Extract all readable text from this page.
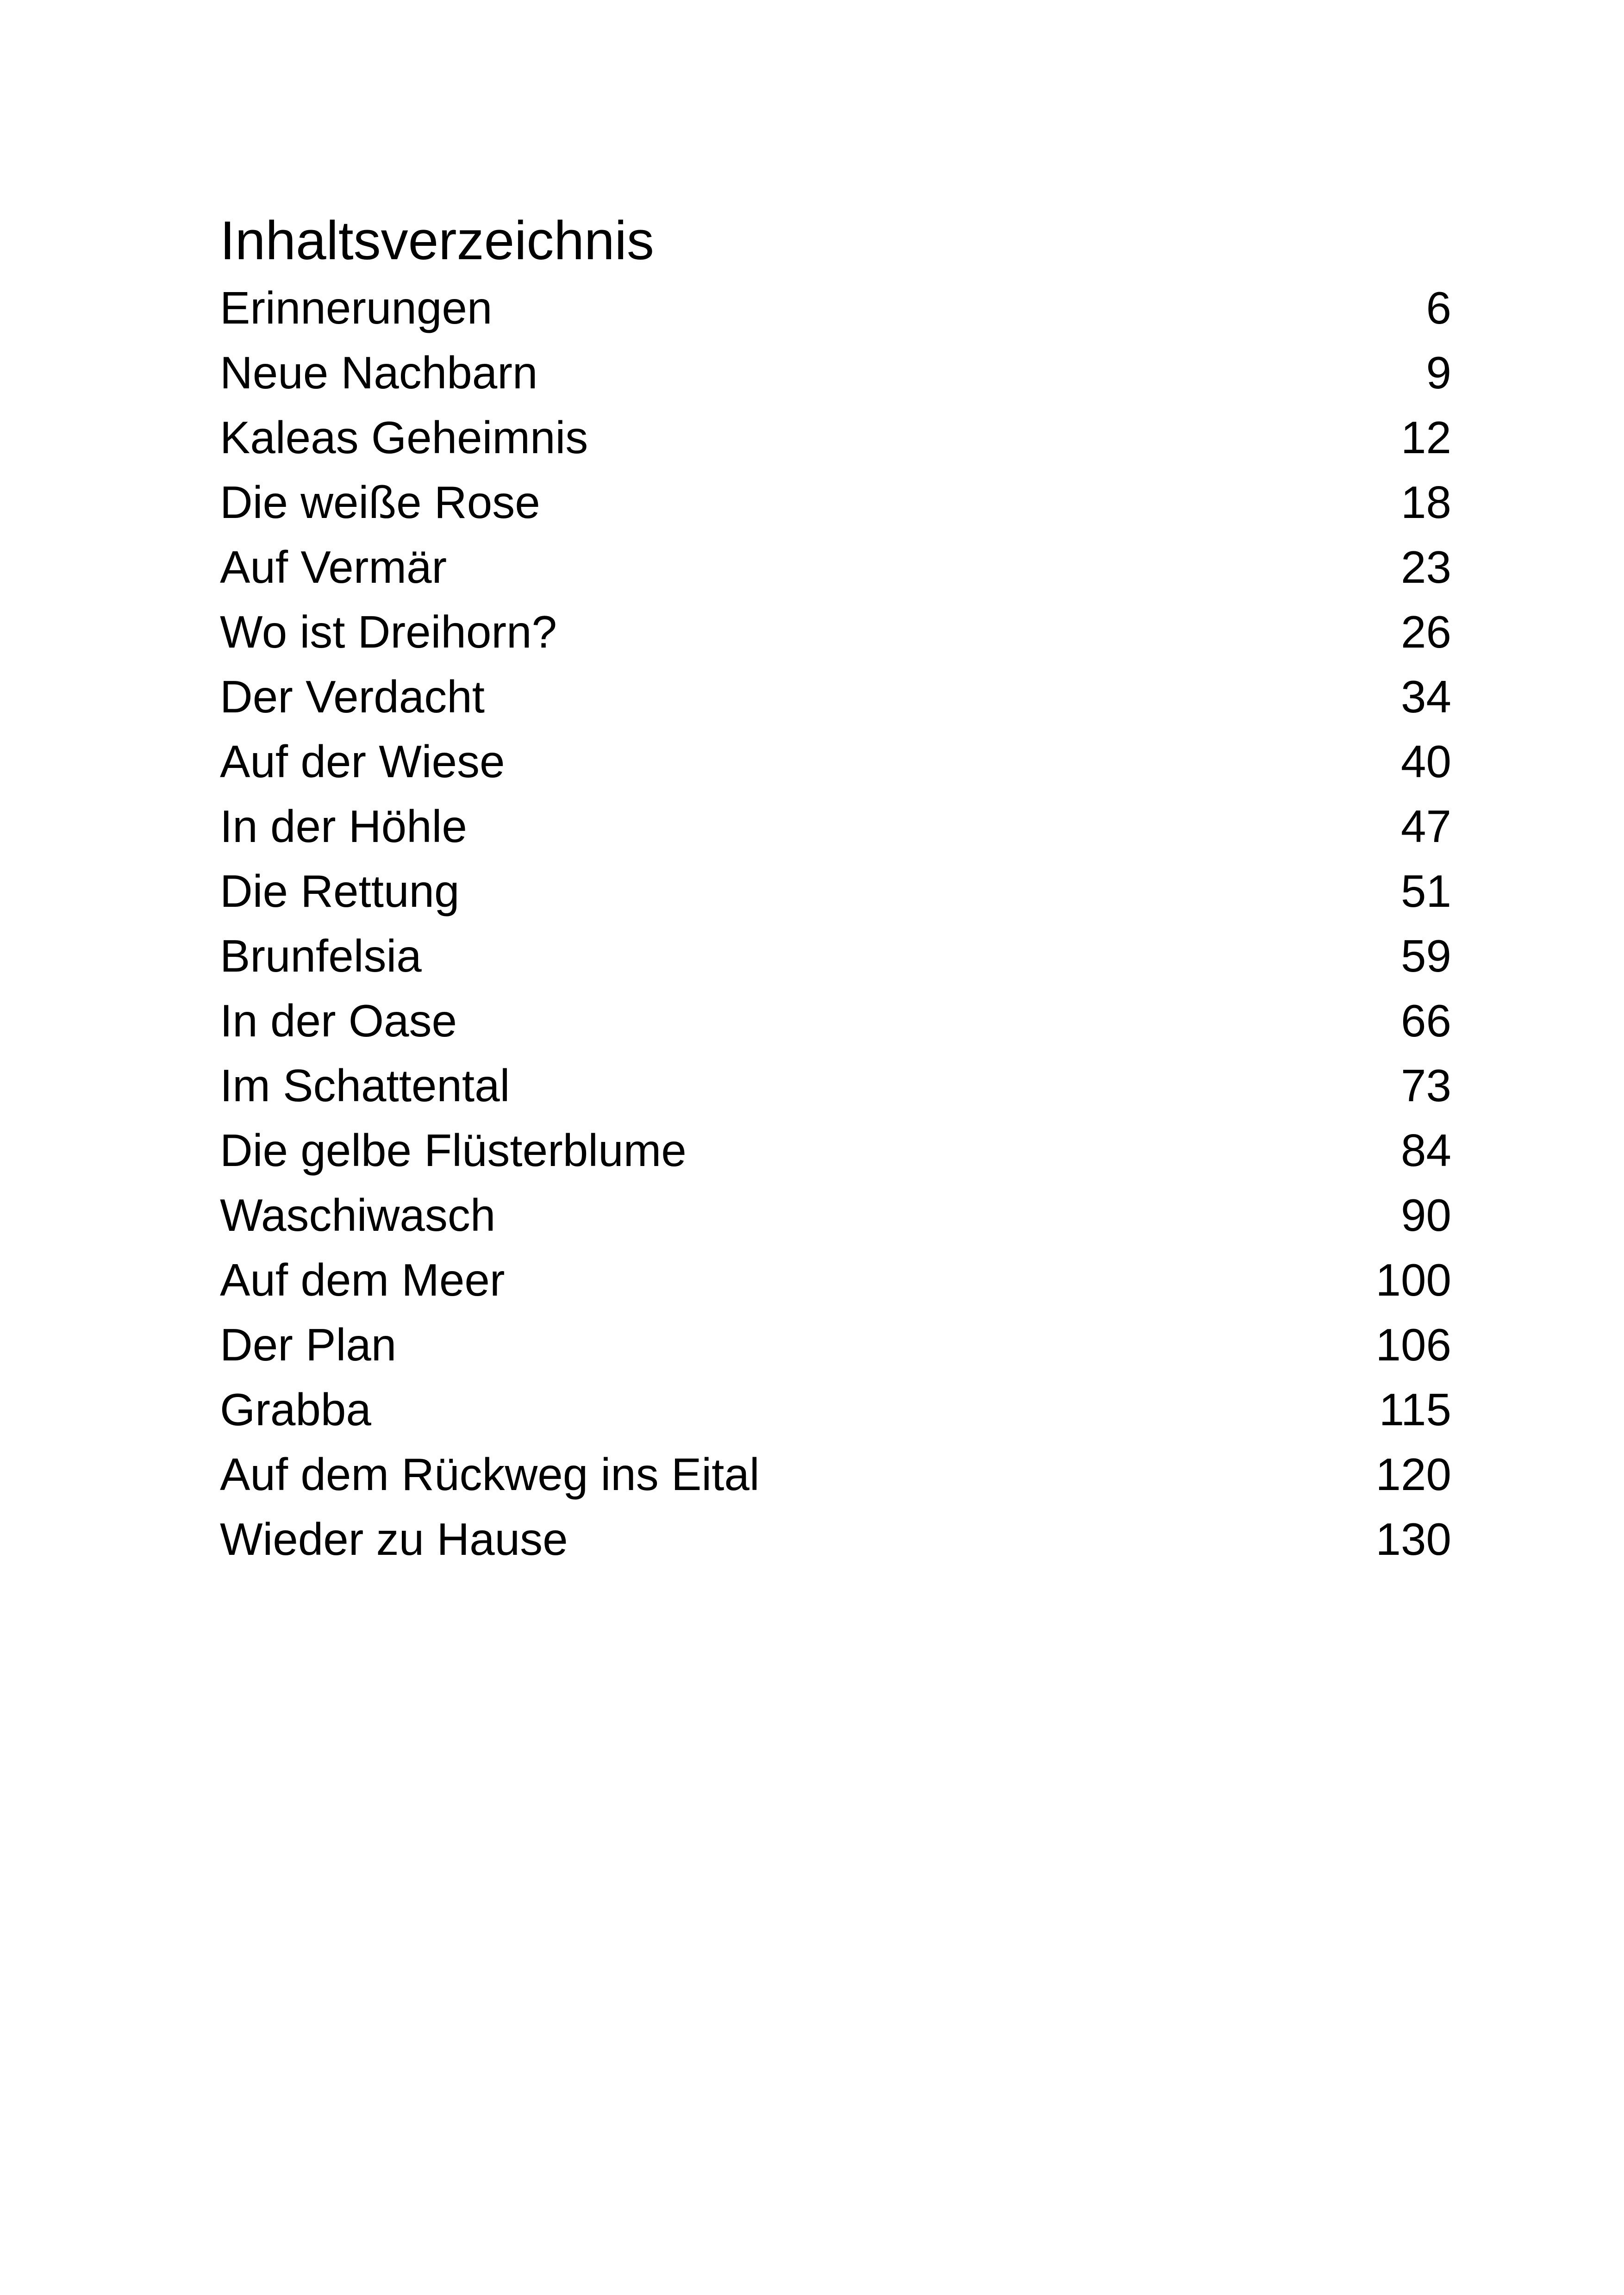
Inhaltsverzeichnis
Erinnerungen	6
Neue Nachbarn	9
Kaleas Geheimnis	12
Die weiße Rose	18
Auf Vermär	23
Wo ist Dreihorn?	26
Der Verdacht	34
Auf der Wiese	40
In der Höhle	47
Die Rettung	51
Brunfelsia	59
In der Oase	66
Im Schattental	73
Die gelbe Flüsterblume	84
Waschiwasch	90
Auf dem Meer	100
Der Plan	106
Grabba	115
Auf dem Rückweg ins Eital	120
Wieder zu Hause	130
